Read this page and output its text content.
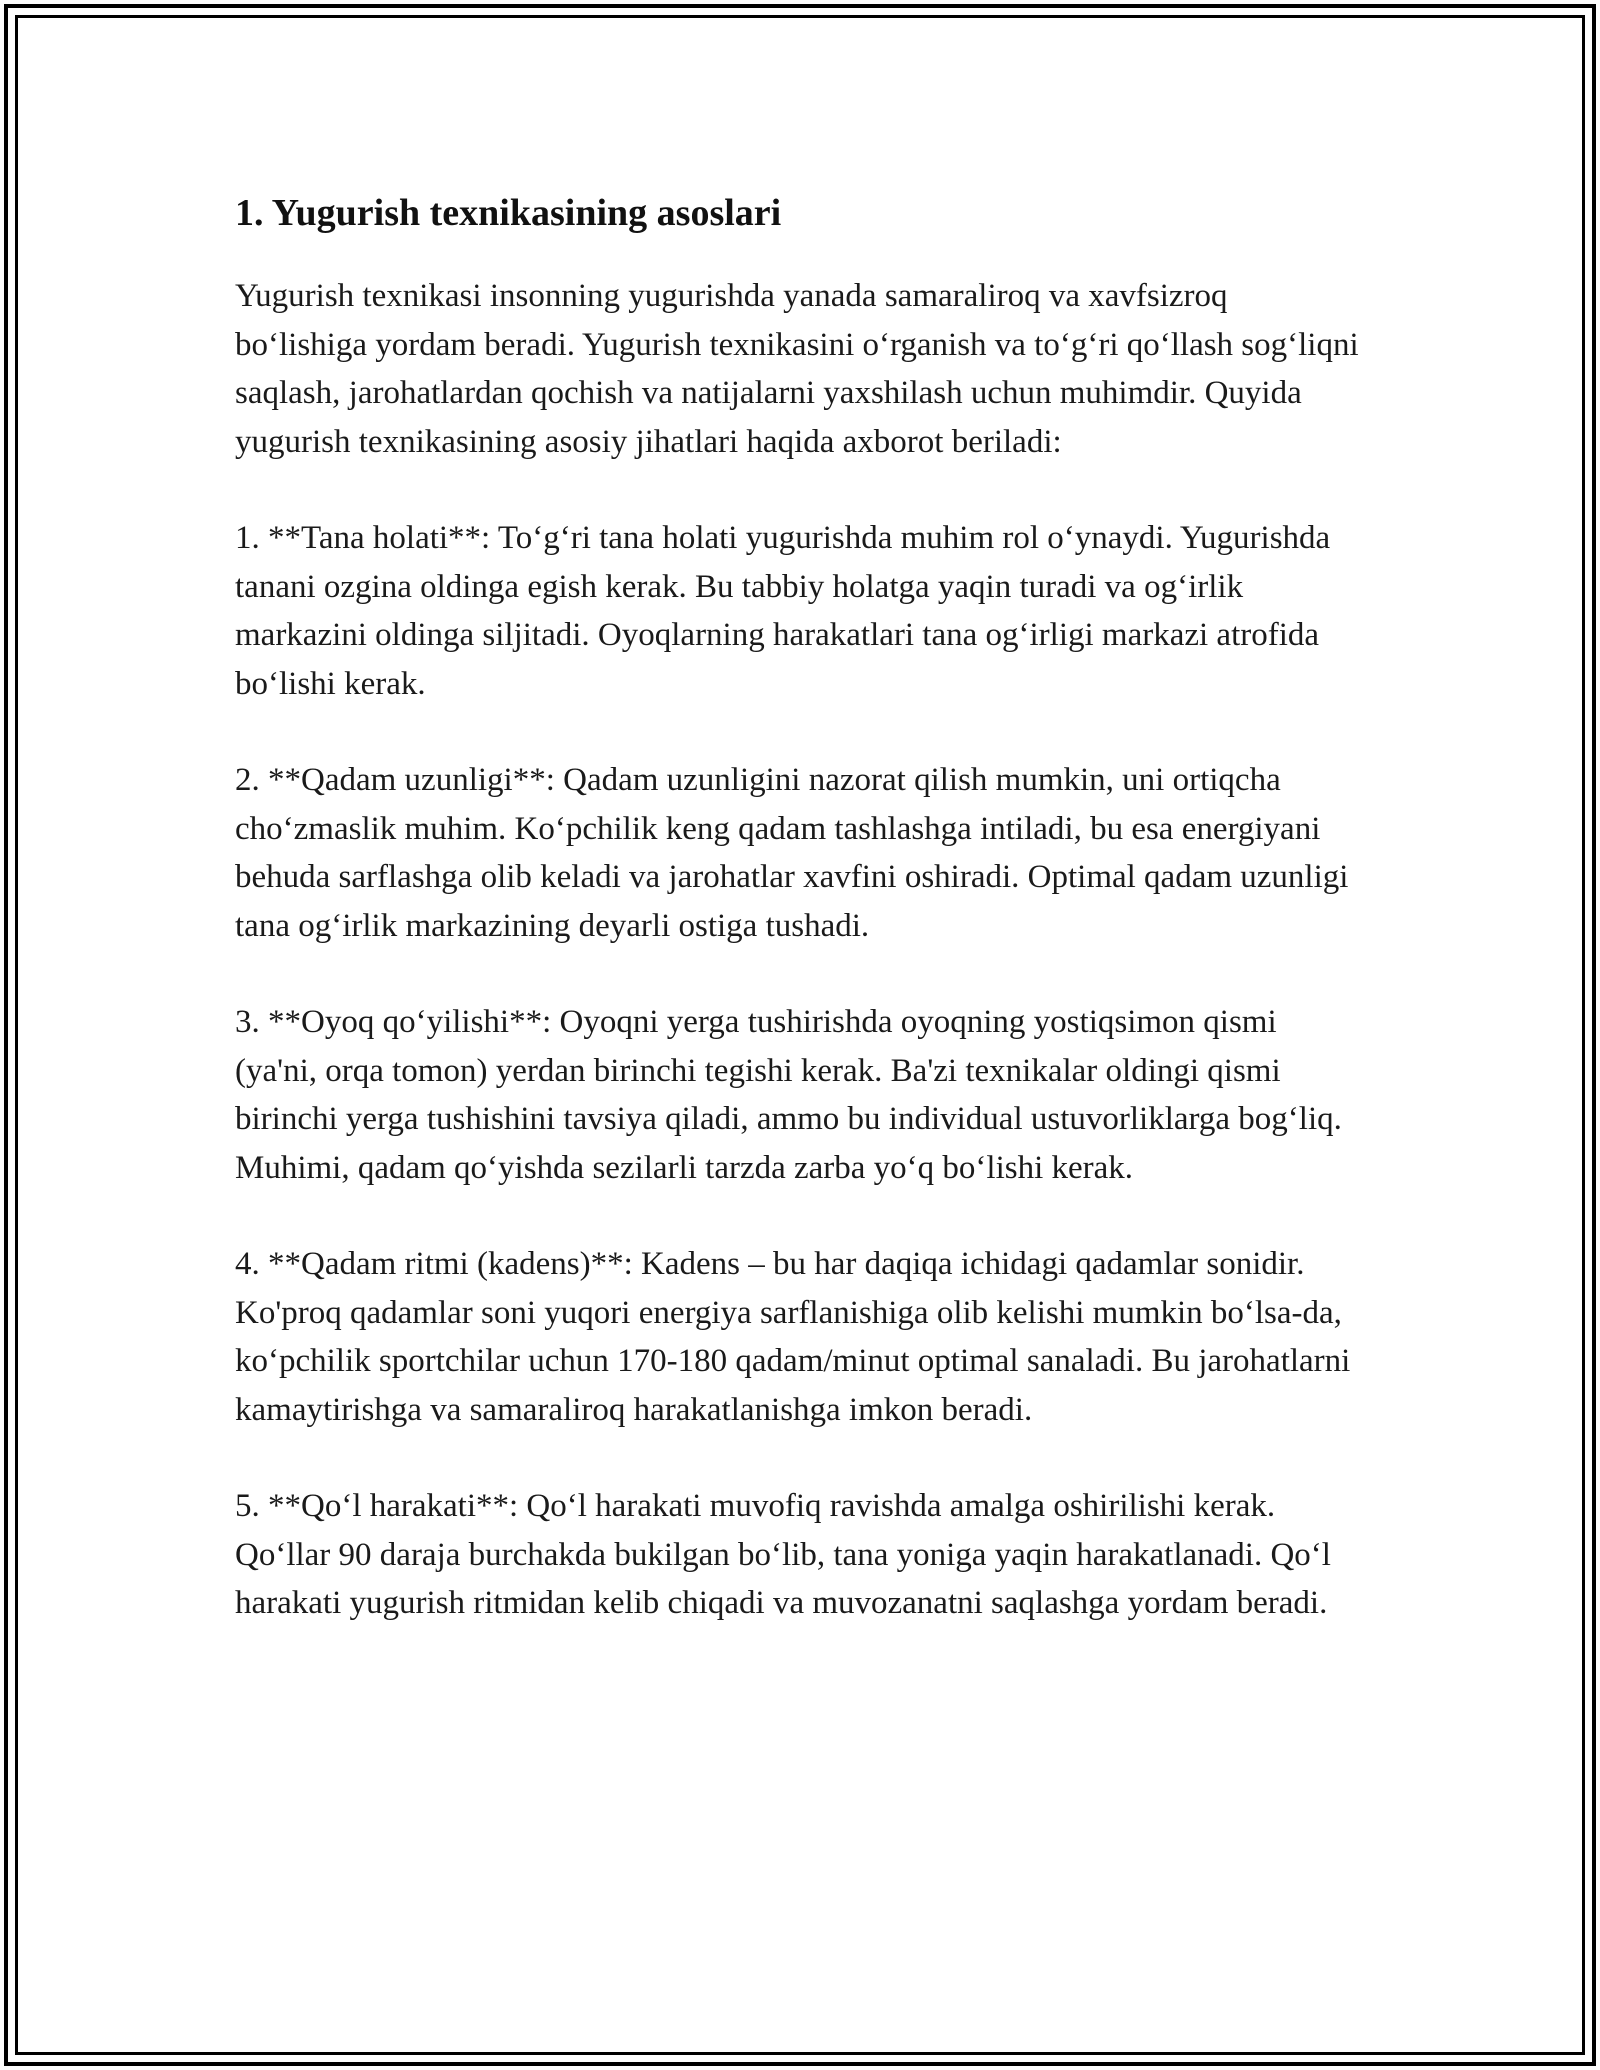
1. Yugurish texnikasining asoslari

Yugurish texnikasi insonning yugurishda yanada samaraliroq va xavfsizroq bo‘lishiga yordam beradi. Yugurish texnikasini o‘rganish va to‘g‘ri qo‘llash sog‘liqni saqlash, jarohatlardan qochish va natijalarni yaxshilash uchun muhimdir. Quyida yugurish texnikasining asosiy jihatlari haqida axborot beriladi:

1. **Tana holati**: To‘g‘ri tana holati yugurishda muhim rol o‘ynaydi. Yugurishda tanani ozgina oldinga egish kerak. Bu tabbiy holatga yaqin turadi va og‘irlik markazini oldinga siljitadi. Oyoqlarning harakatlari tana og‘irligi markazi atrofida bo‘lishi kerak.

2. **Qadam uzunligi**: Qadam uzunligini nazorat qilish mumkin, uni ortiqcha cho‘zmaslik muhim. Ko‘pchilik keng qadam tashlashga intiladi, bu esa energiyani behuda sarflashga olib keladi va jarohatlar xavfini oshiradi. Optimal qadam uzunligi tana og‘irlik markazining deyarli ostiga tushadi.

3. **Oyoq qo‘yilishi**: Oyoqni yerga tushirishda oyoqning yostiqsimon qismi (ya'ni, orqa tomon) yerdan birinchi tegishi kerak. Ba'zi texnikalar oldingi qismi birinchi yerga tushishini tavsiya qiladi, ammo bu individual ustuvorliklarga bog‘liq. Muhimi, qadam qo‘yishda sezilarli tarzda zarba yo‘q bo‘lishi kerak.

4. **Qadam ritmi (kadens)**: Kadens – bu har daqiqa ichidagi qadamlar sonidir. Ko'proq qadamlar soni yuqori energiya sarflanishiga olib kelishi mumkin bo‘lsa-da, ko‘pchilik sportchilar uchun 170-180 qadam/minut optimal sanaladi. Bu jarohatlarni kamaytirishga va samaraliroq harakatlanishga imkon beradi.

5. **Qo‘l harakati**: Qo‘l harakati muvofiq ravishda amalga oshirilishi kerak. Qo‘llar 90 daraja burchakda bukilgan bo‘lib, tana yoniga yaqin harakatlanadi. Qo‘l harakati yugurish ritmidan kelib chiqadi va muvozanatni saqlashga yordam beradi.
